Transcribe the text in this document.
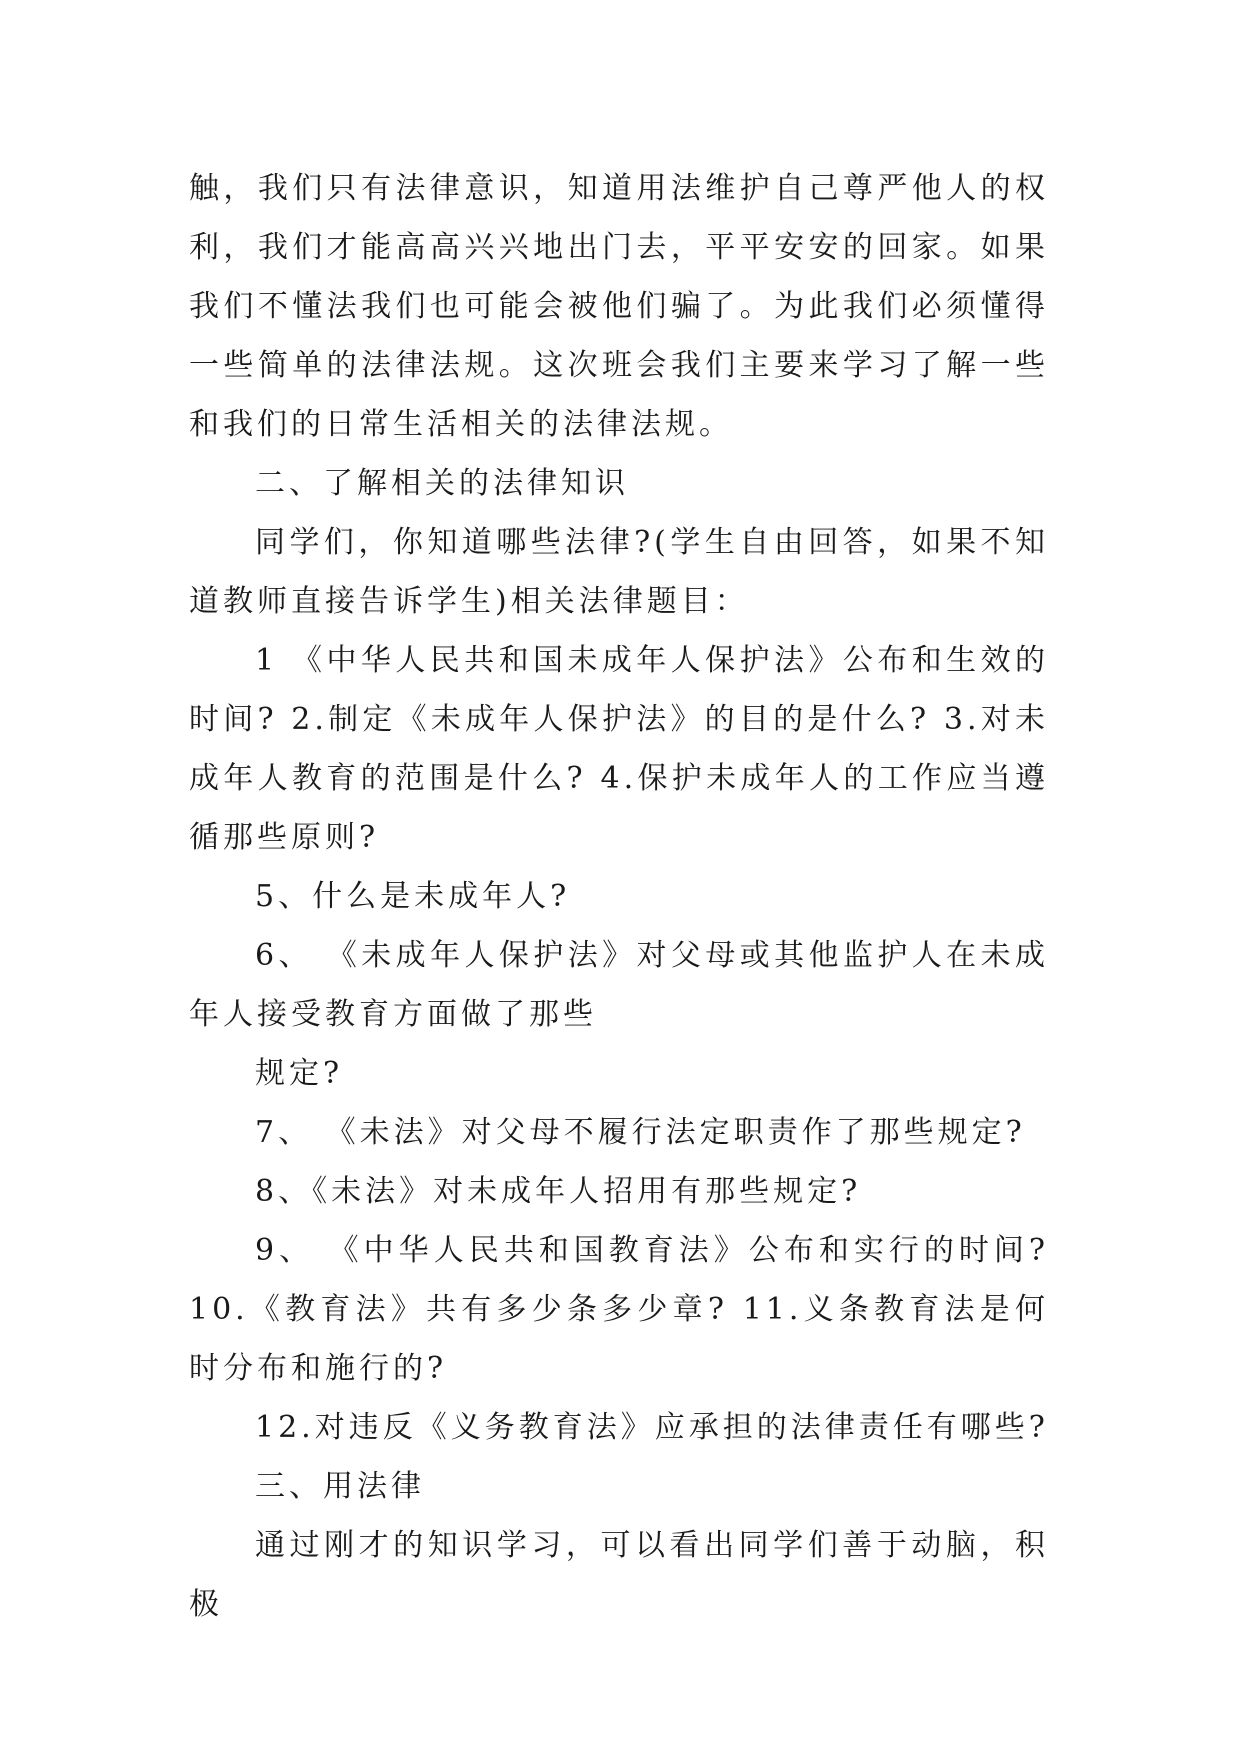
触，我们只有法律意识，知道用法维护自己尊严他人的权利，我们才能高高兴兴地出门去，平平安安的回家。如果我们不懂法我们也可能会被他们骗了。为此我们必须懂得一些简单的法律法规。这次班会我们主要来学习了解一些和我们的日常生活相关的法律法规。

二、了解相关的法律知识

同学们，你知道哪些法律?(学生自由回答，如果不知道教师直接告诉学生)相关法律题目：

1 《中华人民共和国未成年人保护法》公布和生效的时间? 2.制定《未成年人保护法》的目的是什么? 3.对未成年人教育的范围是什么? 4.保护未成年人的工作应当遵循那些原则?

5、什么是未成年人?

6、 《未成年人保护法》对父母或其他监护人在未成年人接受教育方面做了那些

规定?

7、 《未法》对父母不履行法定职责作了那些规定?

8、《未法》对未成年人招用有那些规定?

9、 《中华人民共和国教育法》公布和实行的时间? 10.《教育法》共有多少条多少章? 11.义条教育法是何时分布和施行的?

12.对违反《义务教育法》应承担的法律责任有哪些?

三、用法律

通过刚才的知识学习，可以看出同学们善于动脑，积极
